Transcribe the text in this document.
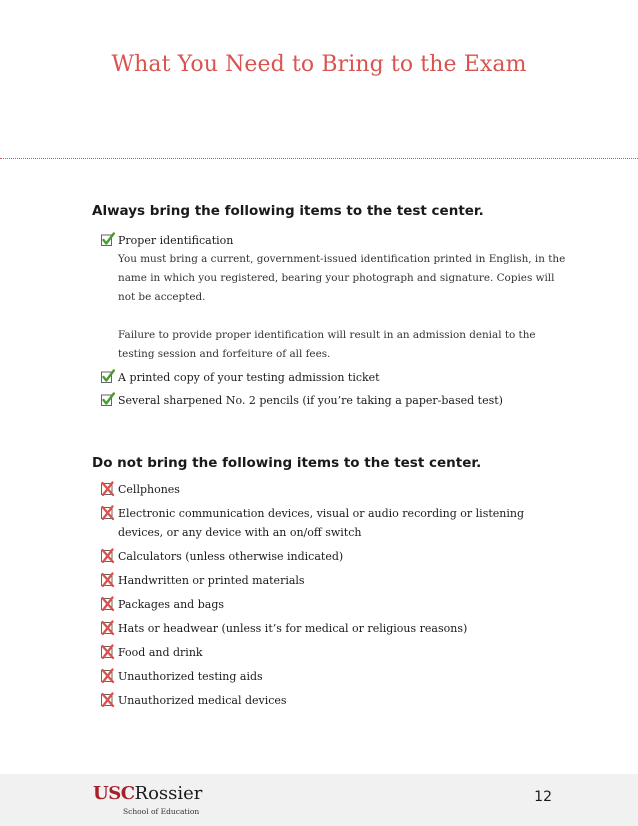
What You Need to Bring to the Exam
Always bring the following items to the test center.
Proper identification

You must bring a current, government-issued identification printed in English, in the name in which you registered, bearing your photograph and signature. Copies will not be accepted.

Failure to provide proper identification will result in an admission denial to the testing session and forfeiture of all fees.

A printed copy of your testing admission ticket
Several sharpened No. 2 pencils (if you’re taking a paper-based test)
Do not bring the following items to the test center.
Cellphones
Electronic communication devices, visual or audio recording or listening devices, or any device with an on/off switch
Calculators (unless otherwise indicated)
Handwritten or printed materials
Packages and bags
Hats or headwear (unless it’s for medical or religious reasons)
Food and drink
Unauthorized testing aids
Unauthorized medical devices
USCRossier
School of Education
12
